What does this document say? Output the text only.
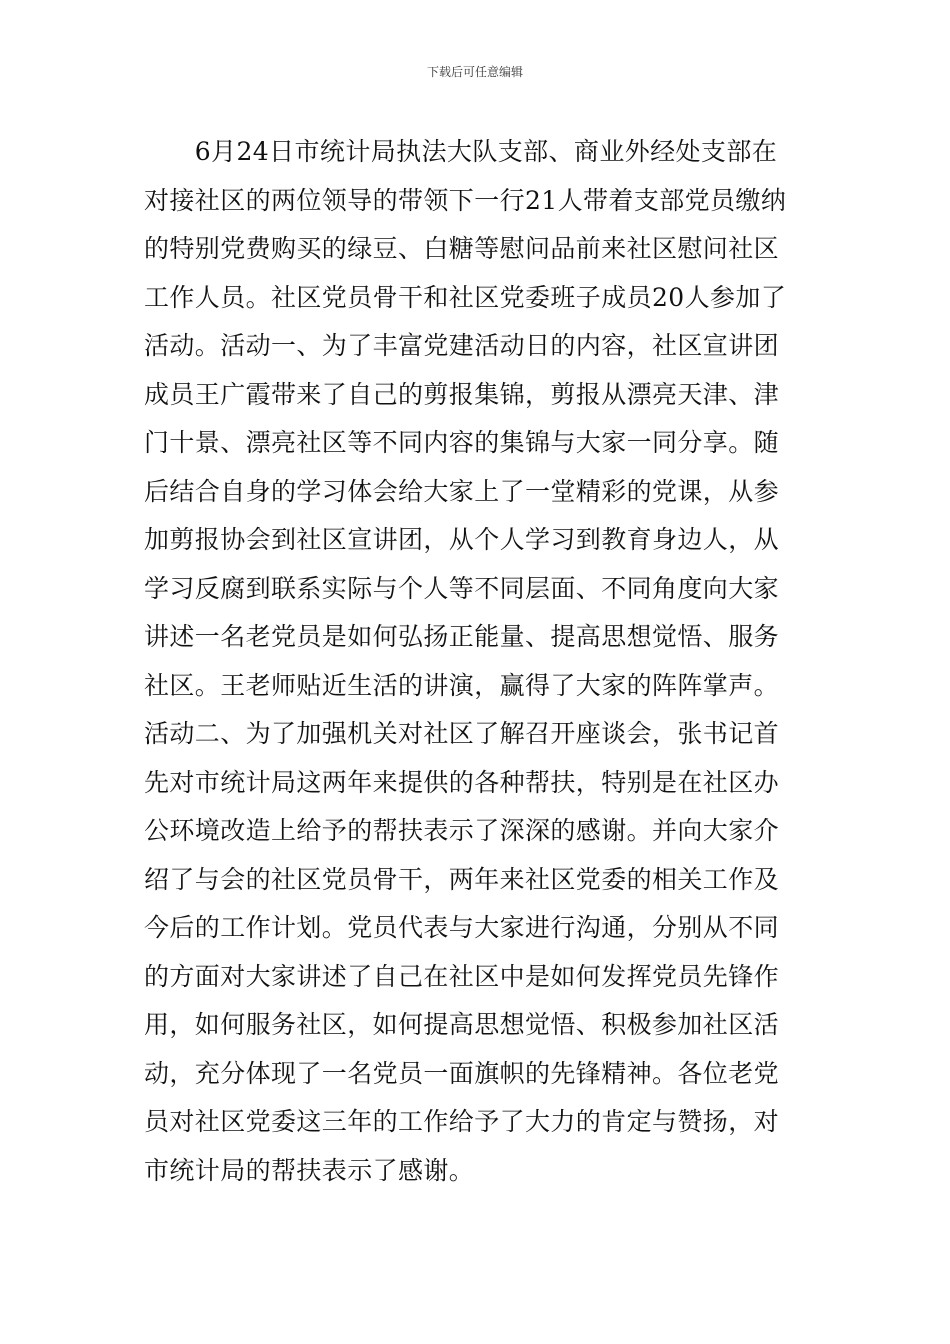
下载后可任意编辑
　　6月24日市统计局执法大队支部、商业外经处支部在
对接社区的两位领导的带领下一行21人带着支部党员缴纳
的特别党费购买的绿豆、白糖等慰问品前来社区慰问社区
工作人员。社区党员骨干和社区党委班子成员20人参加了
活动。活动一、为了丰富党建活动日的内容，社区宣讲团
成员王广霞带来了自己的剪报集锦，剪报从漂亮天津、津
门十景、漂亮社区等不同内容的集锦与大家一同分享。随
后结合自身的学习体会给大家上了一堂精彩的党课，从参
加剪报协会到社区宣讲团，从个人学习到教育身边人，从
学习反腐到联系实际与个人等不同层面、不同角度向大家
讲述一名老党员是如何弘扬正能量、提高思想觉悟、服务
社区。王老师贴近生活的讲演，赢得了大家的阵阵掌声。
活动二、为了加强机关对社区了解召开座谈会，张书记首
先对市统计局这两年来提供的各种帮扶，特别是在社区办
公环境改造上给予的帮扶表示了深深的感谢。并向大家介
绍了与会的社区党员骨干，两年来社区党委的相关工作及
今后的工作计划。党员代表与大家进行沟通，分别从不同
的方面对大家讲述了自己在社区中是如何发挥党员先锋作
用，如何服务社区，如何提高思想觉悟、积极参加社区活
动，充分体现了一名党员一面旗帜的先锋精神。各位老党
员对社区党委这三年的工作给予了大力的肯定与赞扬，对
市统计局的帮扶表示了感谢。
